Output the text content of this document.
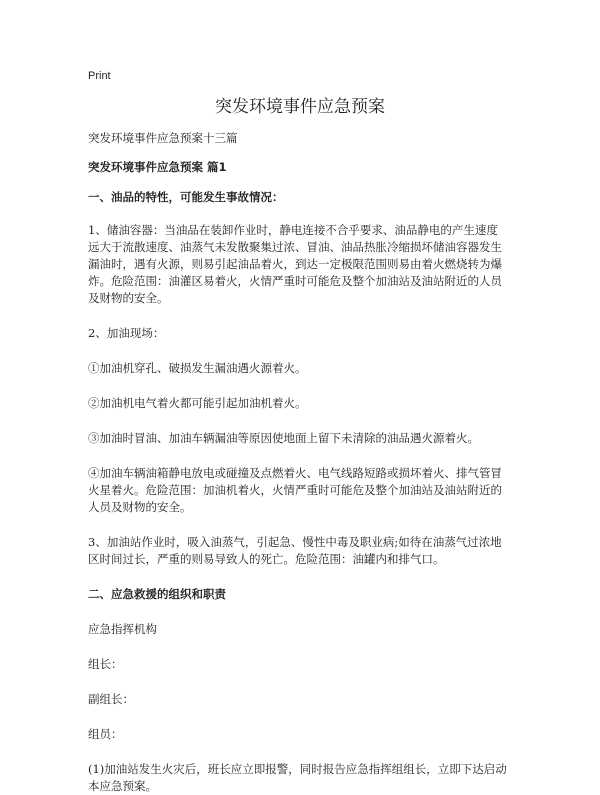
Print
突发环境事件应急预案

突发环境事件应急预案十三篇

突发环境事件应急预案 篇1

一、油品的特性，可能发生事故情况：

1、储油容器：当油品在装卸作业时，静电连接不合乎要求、油品静电的产生速度远大于流散速度、油蒸气未发散聚集过浓、冒油、油品热胀冷缩损坏储油容器发生漏油时，遇有火源，则易引起油品着火，到达一定极限范围则易由着火燃烧转为爆炸。危险范围：油灌区易着火，火情严重时可能危及整个加油站及油站附近的人员及财物的安全。

2、加油现场：

①加油机穿孔、破损发生漏油遇火源着火。

②加油机电气着火都可能引起加油机着火。

③加油时冒油、加油车辆漏油等原因使地面上留下未清除的油品遇火源着火。

④加油车辆油箱静电放电或碰撞及点燃着火、电气线路短路或损坏着火、排气管冒火星着火。危险范围：加油机着火，火情严重时可能危及整个加油站及油站附近的人员及财物的安全。

3、加油站作业时，吸入油蒸气，引起急、慢性中毒及职业病;如待在油蒸气过浓地区时间过长，严重的则易导致人的死亡。危险范围：油罐内和排气口。

二、应急救援的组织和职责

应急指挥机构

组长：

副组长：

组员：

(1)加油站发生火灾后，班长应立即报警，同时报告应急指挥组组长，立即下达启动本应急预案。
